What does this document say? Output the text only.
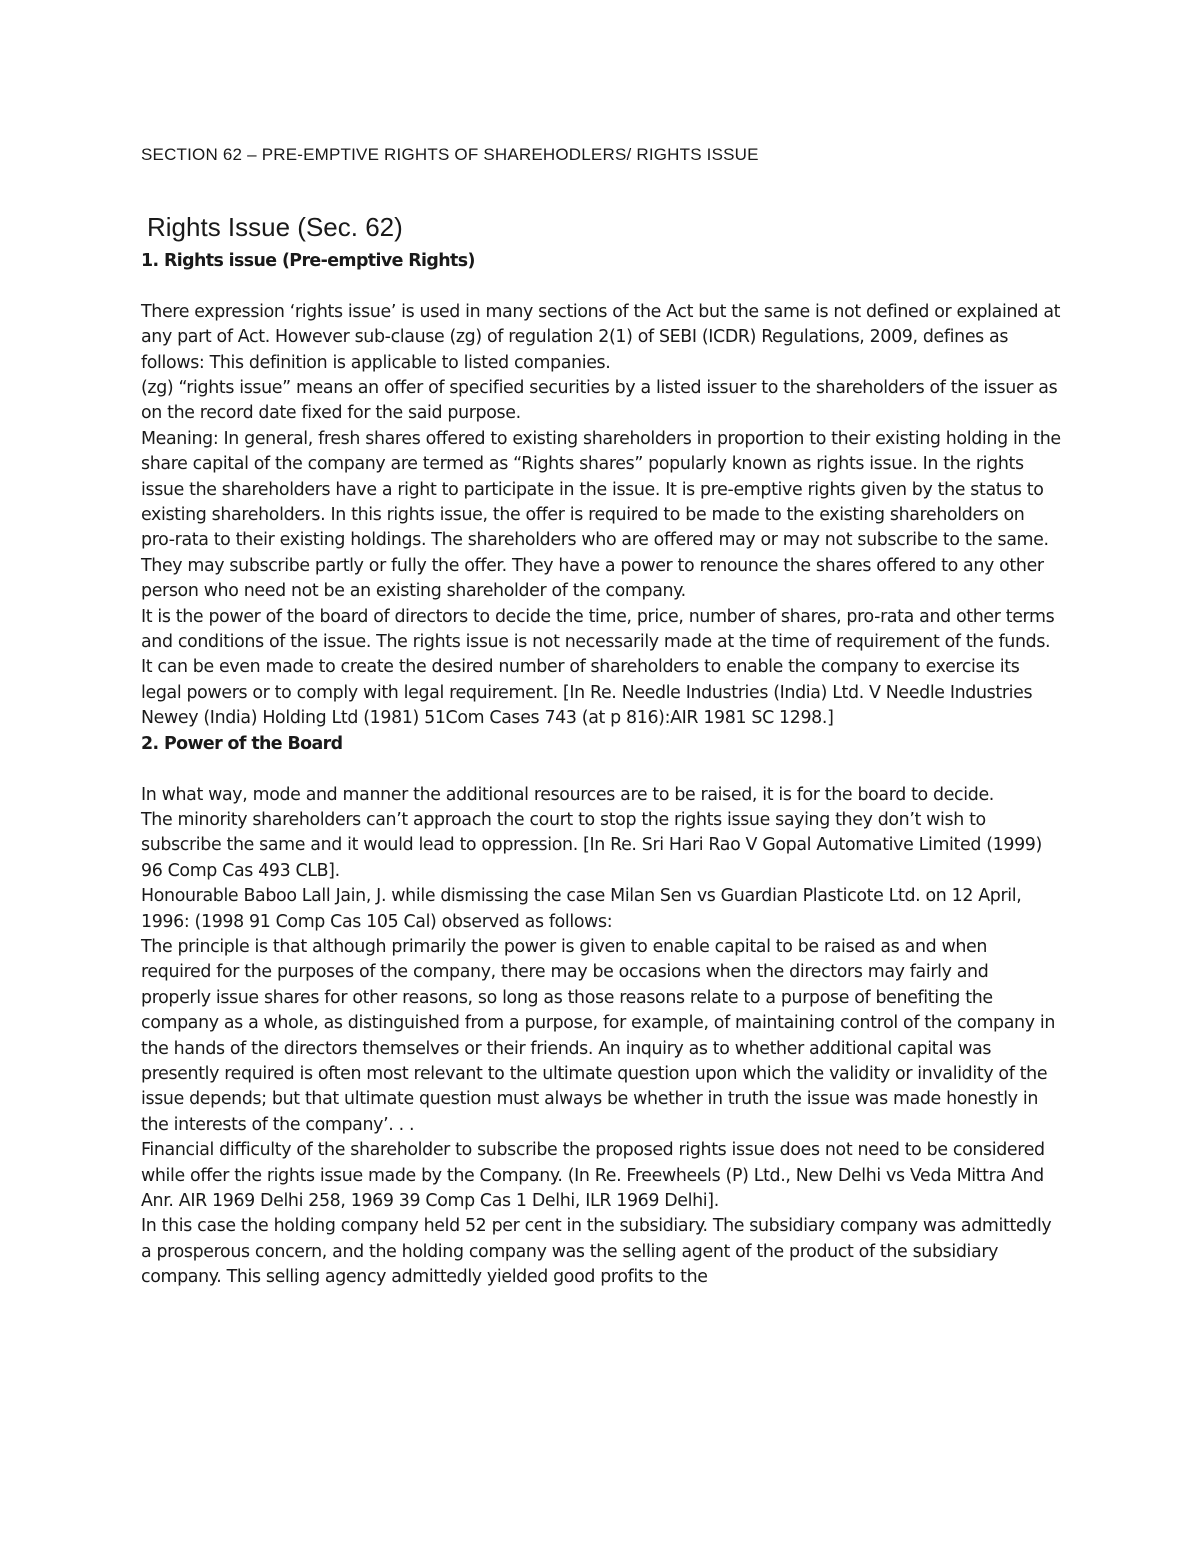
SECTION 62 – PRE-EMPTIVE RIGHTS OF SHAREHODLERS/ RIGHTS ISSUE
Rights Issue (Sec. 62)

1. Rights issue (Pre-emptive Rights)

There expression ‘rights issue’ is used in many sections of the Act but the same is not defined or explained at any part of Act. However sub-clause (zg) of regulation 2(1) of SEBI (ICDR) Regulations, 2009, defines as follows: This definition is applicable to listed companies.

(zg) “rights issue” means an offer of specified securities by a listed issuer to the shareholders of the issuer as on the record date fixed for the said purpose.

Meaning: In general, fresh shares offered to existing shareholders in proportion to their existing holding in the share capital of the company are termed as “Rights shares” popularly known as rights issue. In the rights issue the shareholders have a right to participate in the issue. It is pre-emptive rights given by the status to existing shareholders. In this rights issue, the offer is required to be made to the existing shareholders on pro-rata to their existing holdings. The shareholders who are offered may or may not subscribe to the same. They may subscribe partly or fully the offer. They have a power to renounce the shares offered to any other person who need not be an existing shareholder of the company.

It is the power of the board of directors to decide the time, price, number of shares, pro-rata and other terms and conditions of the issue. The rights issue is not necessarily made at the time of requirement of the funds. It can be even made to create the desired number of shareholders to enable the company to exercise its legal powers or to comply with legal requirement. [In Re. Needle Industries (India) Ltd. V Needle Industries Newey (India) Holding Ltd (1981) 51Com Cases 743 (at p 816):AIR 1981 SC 1298.]

2. Power of the Board

In what way, mode and manner the additional resources are to be raised, it is for the board to decide.

The minority shareholders can’t approach the court to stop the rights issue saying they don’t wish to subscribe the same and it would lead to oppression. [In Re. Sri Hari Rao V Gopal Automative Limited (1999) 96 Comp Cas 493 CLB].

Honourable Baboo Lall Jain, J. while dismissing the case Milan Sen vs Guardian Plasticote Ltd. on 12 April, 1996: (1998 91 Comp Cas 105 Cal) observed as follows:

The principle is that although primarily the power is given to enable capital to be raised as and when required for the purposes of the company, there may be occasions when the directors may fairly and properly issue shares for other reasons, so long as those reasons relate to a purpose of benefiting the company as a whole, as distinguished from a purpose, for example, of maintaining control of the company in the hands of the directors themselves or their friends. An inquiry as to whether additional capital was presently required is often most relevant to the ultimate question upon which the validity or invalidity of the issue depends; but that ultimate question must always be whether in truth the issue was made honestly in the interests of the company’. . .

Financial difficulty of the shareholder to subscribe the proposed rights issue does not need to be considered while offer the rights issue made by the Company. (In Re. Freewheels (P) Ltd., New Delhi vs Veda Mittra And Anr. AIR 1969 Delhi 258, 1969 39 Comp Cas 1 Delhi, ILR 1969 Delhi].

In this case the holding company held 52 per cent in the subsidiary. The subsidiary company was admittedly a prosperous concern, and the holding company was the selling agent of the product of the subsidiary company. This selling agency admittedly yielded good profits to the
